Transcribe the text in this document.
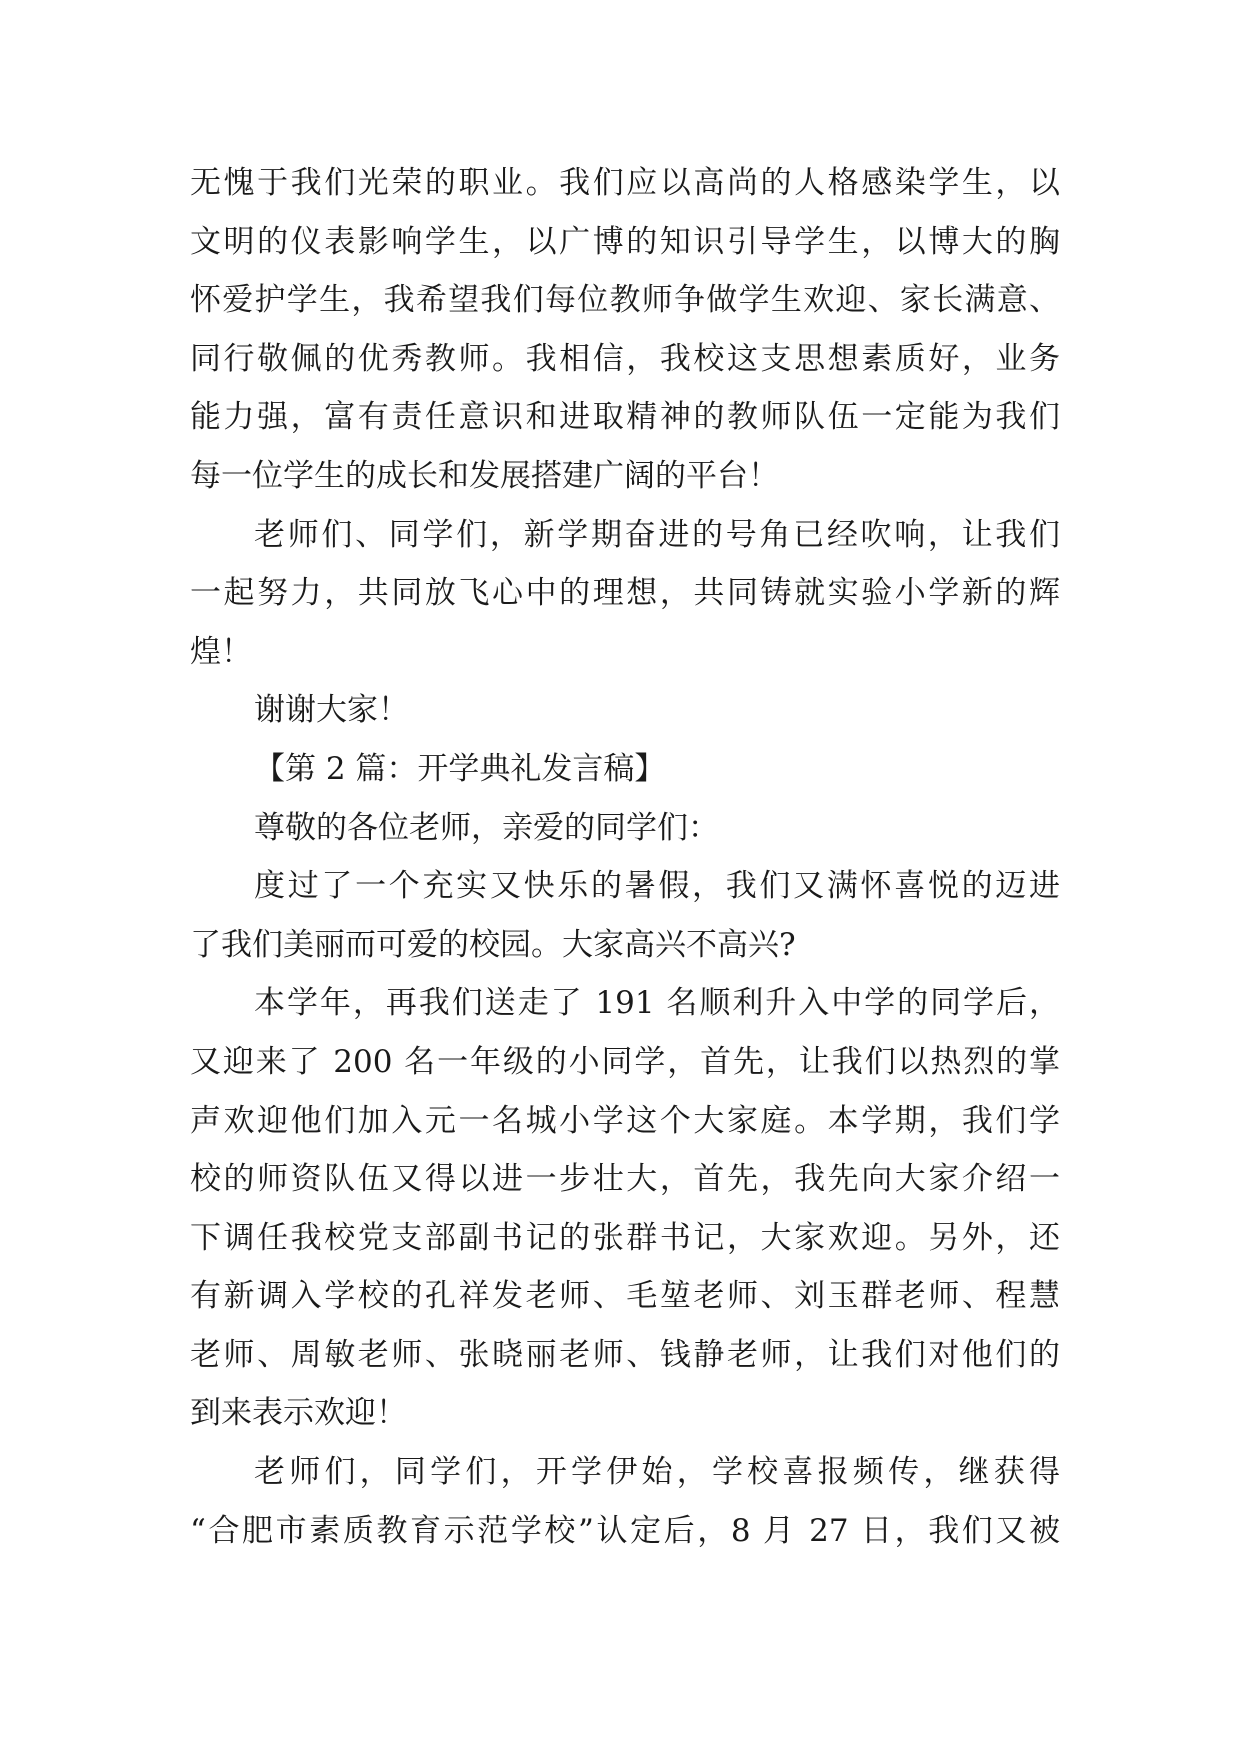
无愧于我们光荣的职业。我们应以高尚的人格感染学生，以
文明的仪表影响学生，以广博的知识引导学生，以博大的胸
怀爱护学生，我希望我们每位教师争做学生欢迎、家长满意、
同行敬佩的优秀教师。我相信，我校这支思想素质好，业务
能力强，富有责任意识和进取精神的教师队伍一定能为我们
每一位学生的成长和发展搭建广阔的平台！
老师们、同学们，新学期奋进的号角已经吹响，让我们
一起努力，共同放飞心中的理想，共同铸就实验小学新的辉
煌！
谢谢大家！
【第 2 篇：开学典礼发言稿】
尊敬的各位老师，亲爱的同学们：
度过了一个充实又快乐的暑假，我们又满怀喜悦的迈进
了我们美丽而可爱的校园。大家高兴不高兴?
本学年，再我们送走了 191 名顺利升入中学的同学后，
又迎来了 200 名一年级的小同学，首先，让我们以热烈的掌
声欢迎他们加入元一名城小学这个大家庭。本学期，我们学
校的师资队伍又得以进一步壮大，首先，我先向大家介绍一
下调任我校党支部副书记的张群书记，大家欢迎。另外，还
有新调入学校的孔祥发老师、毛堃老师、刘玉群老师、程慧
老师、周敏老师、张晓丽老师、钱静老师，让我们对他们的
到来表示欢迎！
老师们，同学们，开学伊始，学校喜报频传，继获得
“合肥市素质教育示范学校”认定后，8 月 27 日，我们又被
